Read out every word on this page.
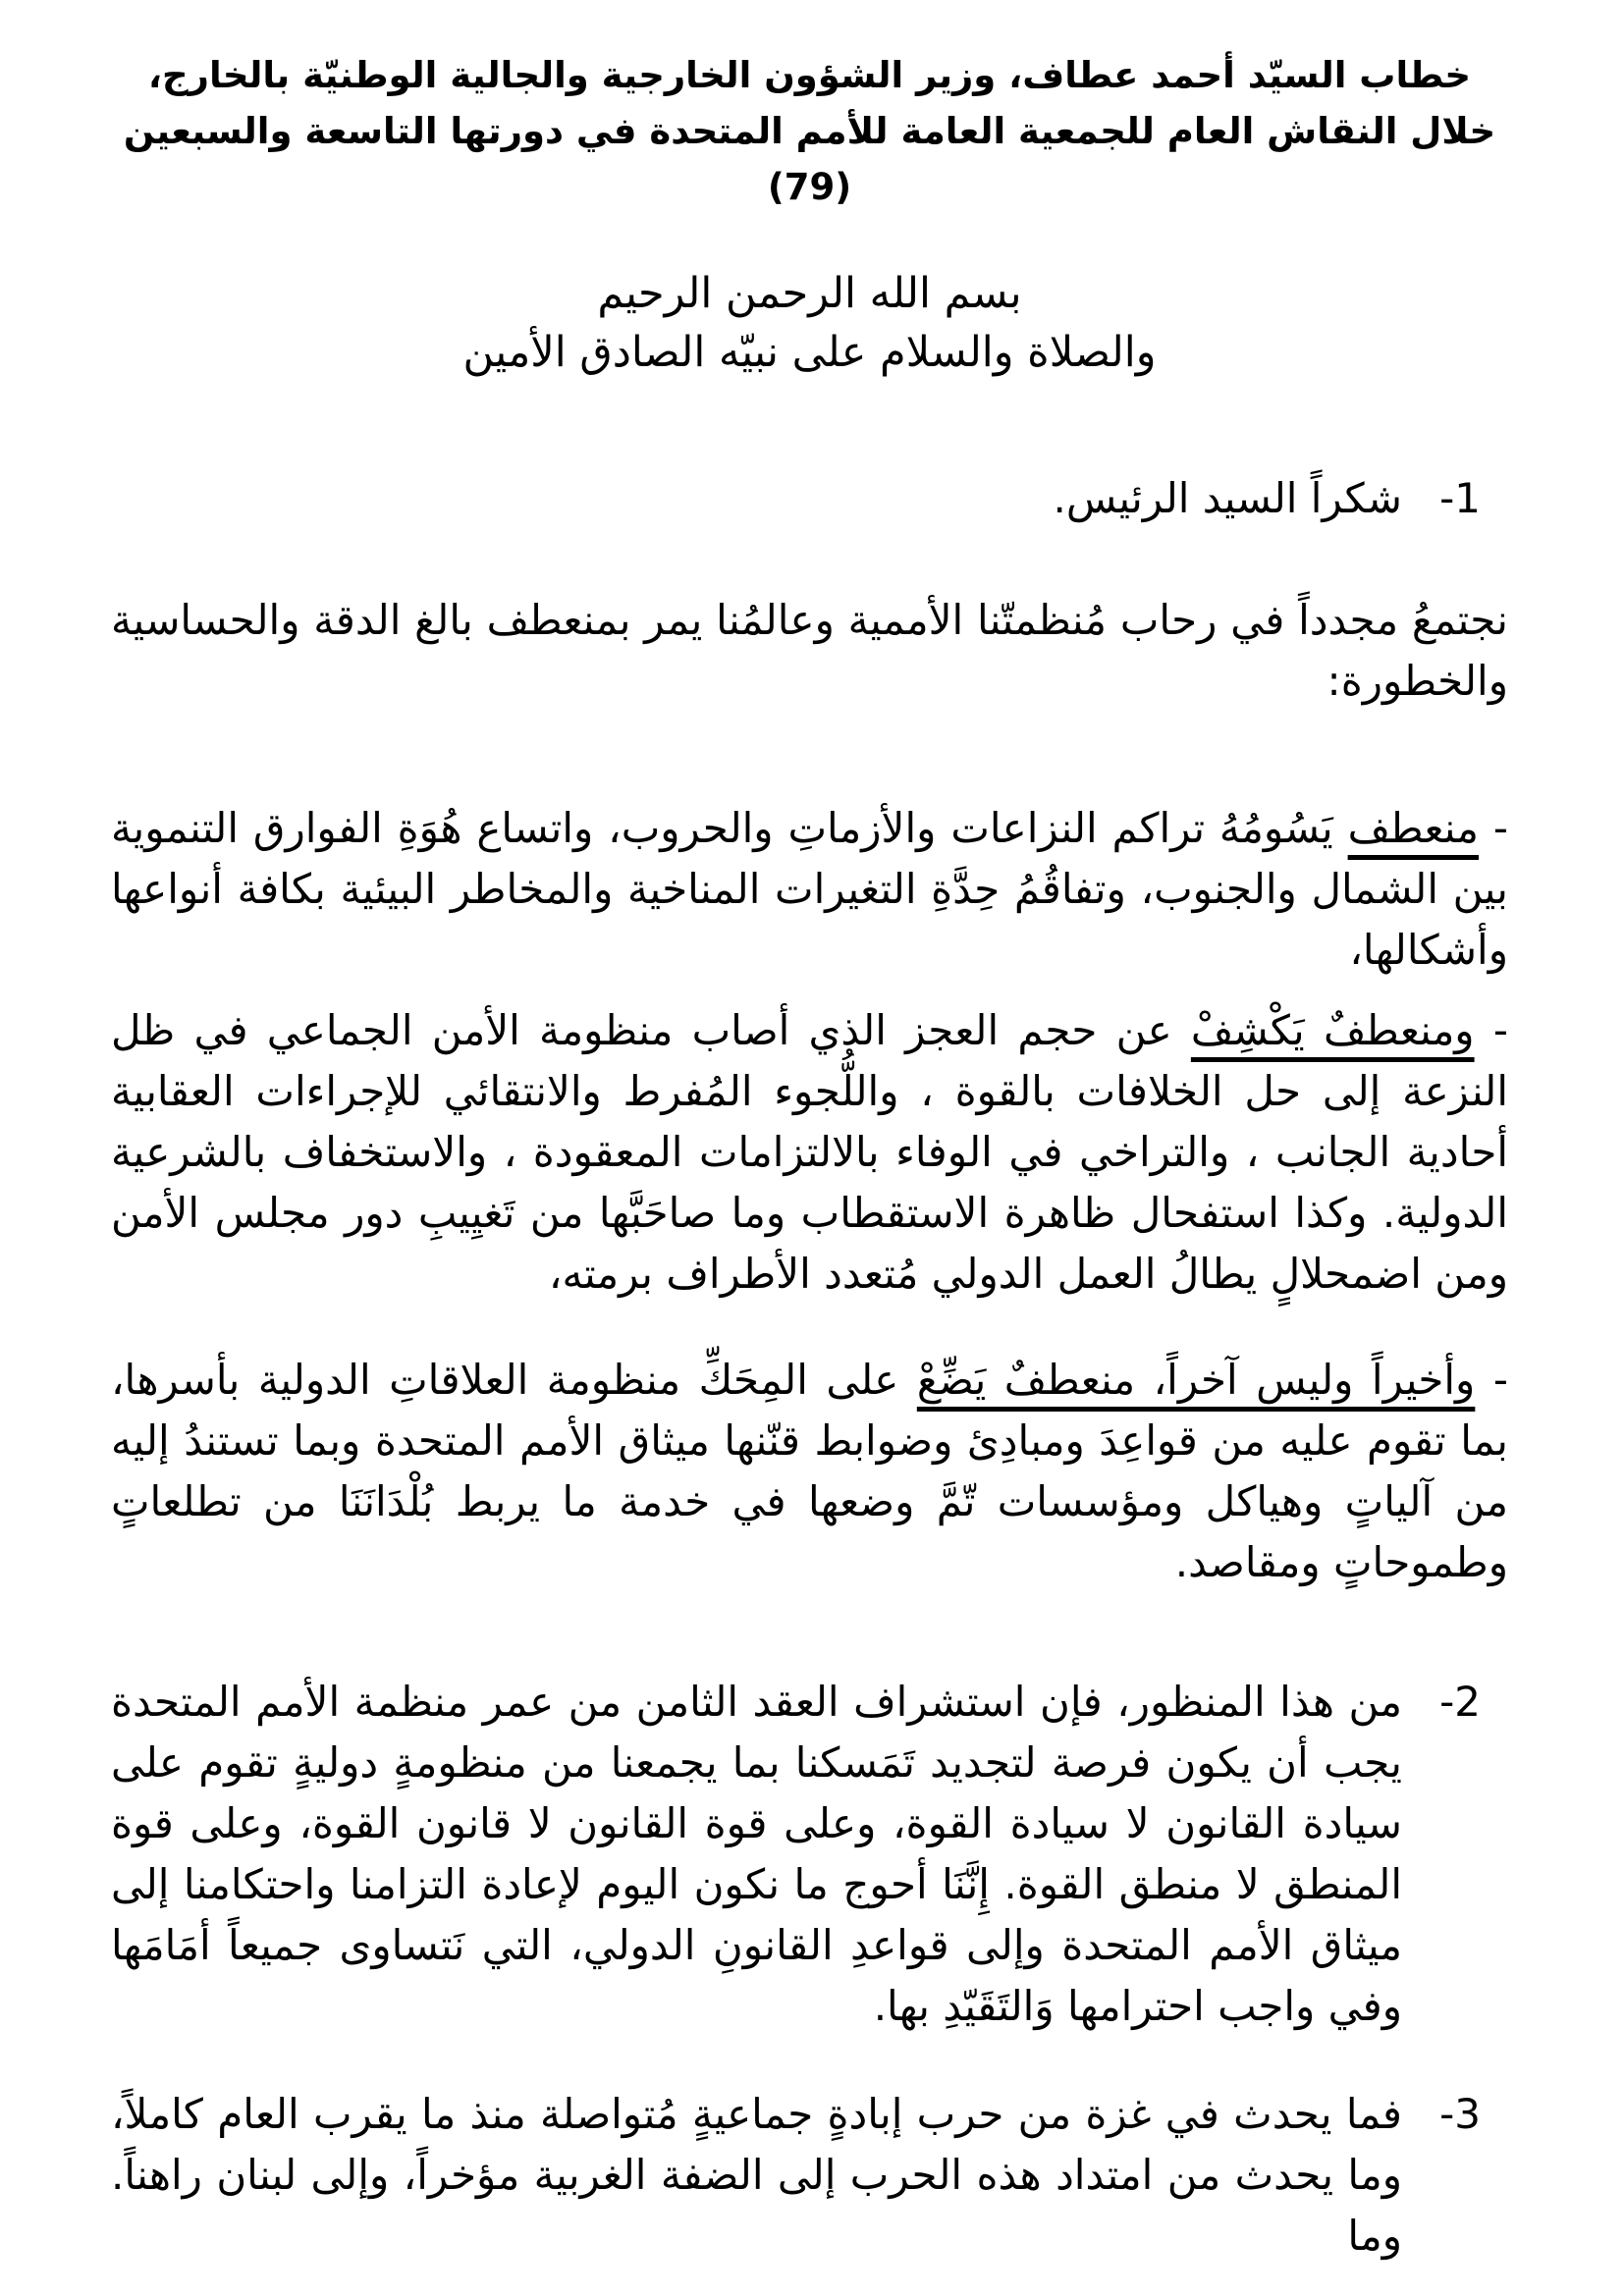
خطاب السيّد أحمد عطاف، وزير الشؤون الخارجية والجالية الوطنيّة بالخارج،
خلال النقاش العام للجمعية العامة للأمم المتحدة في دورتها التاسعة والسبعين (79)
بسم الله الرحمن الرحيم
والصلاة والسلام على نبيّه الصادق الأمين
1-

شكراً السيد الرئيس.

نجتمعُ مجدداً في رحاب مُنظمتّنا الأممية وعالمُنا يمر بمنعطف بالغ الدقة والحساسية والخطورة:

- منعطف يَسُومُهُ تراكم النزاعات والأزماتِ والحروب، واتساع هُوَةِ الفوارق التنموية بين الشمال والجنوب، وتفاقُمُ حِدَّةِ التغيرات المناخية والمخاطر البيئية بكافة أنواعها وأشكالها،

- ومنعطفٌ يَكْشِفْ عن حجم العجز الذي أصاب منظومة الأمن الجماعي في ظل النزعة إلى حل الخلافات بالقوة ، واللُّجوء المُفرط والانتقائي للإجراءات العقابية أحادية الجانب ، والتراخي في الوفاء بالالتزامات المعقودة ، والاستخفاف بالشرعية الدولية. وكذا استفحال ظاهرة الاستقطاب وما صاحَبَّها من تَغيِيبِ دور مجلس الأمن ومن اضمحلالٍ يطالُ العمل الدولي مُتعدد الأطراف برمته،

- وأخيراً وليس آخراً، منعطفٌ يَضِّعْ على المِحَكِّ منظومة العلاقاتِ الدولية بأسرها، بما تقوم عليه من قواعِدَ ومبادِئ وضوابط قنّنها ميثاق الأمم المتحدة وبما تستندُ إليه من آلياتٍ وهياكل ومؤسسات تّمَّ وضعها في خدمة ما يربط بُلْدَانَنَا من تطلعاتٍ وطموحاتٍ ومقاصد.

2-

من هذا المنظور، فإن استشراف العقد الثامن من عمر منظمة الأمم المتحدة يجب أن يكون فرصة لتجديد تَمَسكنا بما يجمعنا من منظومةٍ دوليةٍ تقوم على سيادة القانون لا سيادة القوة، وعلى قوة القانون لا قانون القوة، وعلى قوة المنطق لا منطق القوة. إِنَّنَا أحوج ما نكون اليوم لإعادة التزامنا واحتكامنا إلى ميثاق الأمم المتحدة وإلى قواعدِ القانونِ الدولي، التي نَتساوى جميعاً أمَامَها وفي واجب احترامها وَالتَقَيّدِ بها.

3-

فما يحدث في غزة من حرب إبادةٍ جماعيةٍ مُتواصلة منذ ما يقرب العام كاملاً، وما يحدث من امتداد هذه الحرب إلى الضفة الغربية مؤخراً، وإلى لبنان راهناً. وما
